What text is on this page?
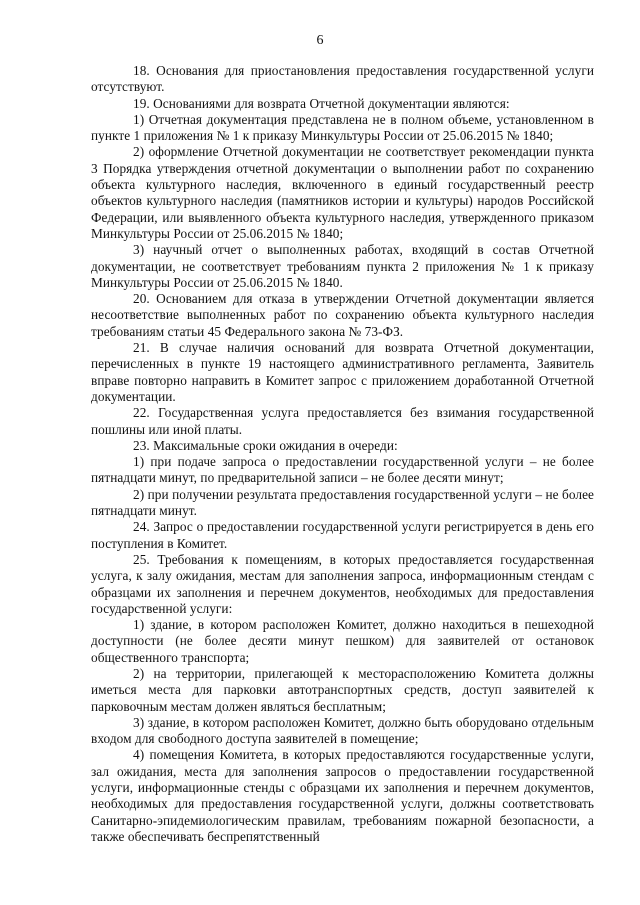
6

18. Основания для приостановления предоставления государственной услуги отсутствуют.

19. Основаниями для возврата Отчетной документации являются:

1) Отчетная документация представлена не в полном объеме, установленном в пункте 1 приложения № 1 к приказу Минкультуры России от 25.06.2015 № 1840;

2) оформление Отчетной документации не соответствует рекомендации пункта 3 Порядка утверждения отчетной документации о выполнении работ по сохранению объекта культурного наследия, включенного в единый государственный реестр объектов культурного наследия (памятников истории и культуры) народов Российской Федерации, или выявленного объекта культурного наследия, утвержденного приказом Минкультуры России от 25.06.2015 № 1840;

3) научный отчет о выполненных работах, входящий в состав Отчетной документации, не соответствует требованиям пункта 2 приложения № 1 к приказу Минкультуры России от 25.06.2015 № 1840.

20. Основанием для отказа в утверждении Отчетной документации является несоответствие выполненных работ по сохранению объекта культурного наследия требованиям статьи 45 Федерального закона № 73-ФЗ.

21. В случае наличия оснований для возврата Отчетной документации, перечисленных в пункте 19 настоящего административного регламента, Заявитель вправе повторно направить в Комитет запрос с приложением доработанной Отчетной документации.

22. Государственная услуга предоставляется без взимания государственной пошлины или иной платы.

23. Максимальные сроки ожидания в очереди:

1) при подаче запроса о предоставлении государственной услуги – не более пятнадцати минут, по предварительной записи – не более десяти минут;

2) при получении результата предоставления государственной услуги – не более пятнадцати минут.

24. Запрос о предоставлении государственной услуги регистрируется в день его поступления в Комитет.

25. Требования к помещениям, в которых предоставляется государственная услуга, к залу ожидания, местам для заполнения запроса, информационным стендам с образцами их заполнения и перечнем документов, необходимых для предоставления государственной услуги:

1) здание, в котором расположен Комитет, должно находиться в пешеходной доступности (не более десяти минут пешком) для заявителей от остановок общественного транспорта;

2) на территории, прилегающей к месторасположению Комитета должны иметься места для парковки автотранспортных средств, доступ заявителей к парковочным местам должен являться бесплатным;

3) здание, в котором расположен Комитет, должно быть оборудовано отдельным входом для свободного доступа заявителей в помещение;

4) помещения Комитета, в которых предоставляются государственные услуги, зал ожидания, места для заполнения запросов о предоставлении государственной услуги, информационные стенды с образцами их заполнения и перечнем документов, необходимых для предоставления государственной услуги, должны соответствовать Санитарно-эпидемиологическим правилам, требованиям пожарной безопасности, а также обеспечивать беспрепятственный
